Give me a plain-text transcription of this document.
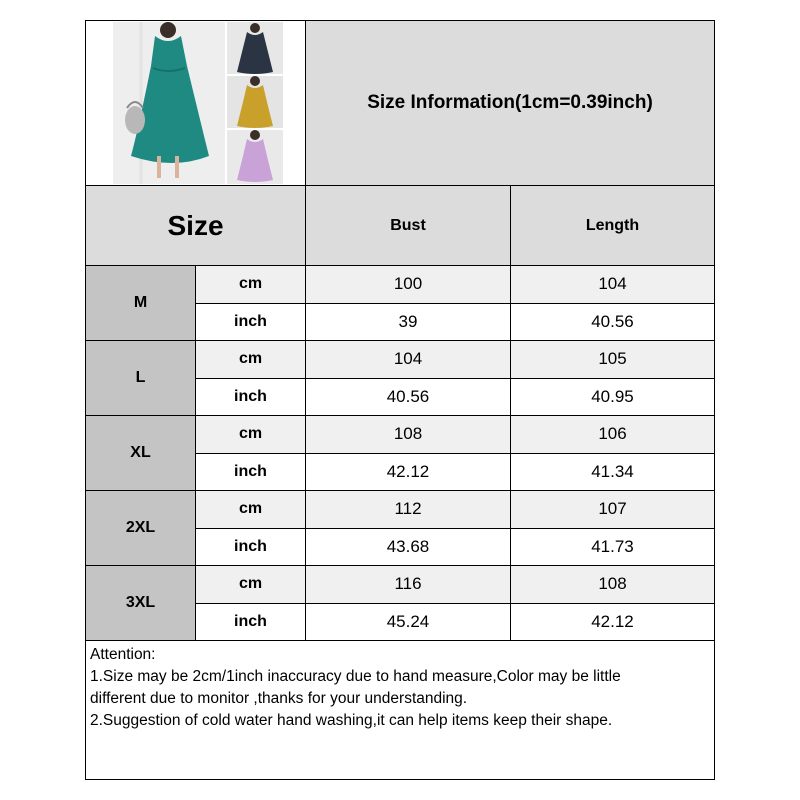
Size Information(1cm=0.39inch)
Size	Bust	Length
M
cm	100	104
inch	39	40.56
L
cm	104	105
inch	40.56	40.95
XL
cm	108	106
inch	42.12	41.34
2XL
cm	112	107
inch	43.68	41.73
3XL
cm	116	108
inch	45.24	42.12
Attention:
1.Size may be 2cm/1inch inaccuracy due to hand measure,Color may be little
different due to monitor ,thanks for your understanding.
2.Suggestion of cold water hand washing,it can help items keep their shape.
